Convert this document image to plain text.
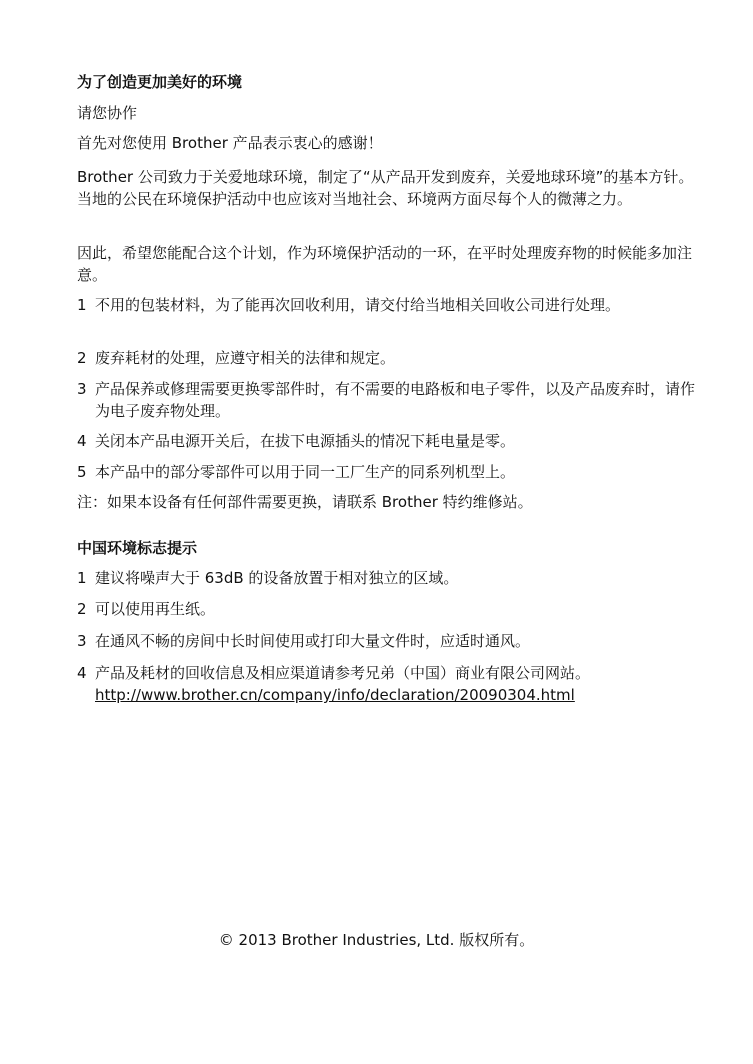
为了创造更加美好的环境
请您协作
首先对您使用 Brother 产品表示衷心的感谢！
Brother 公司致力于关爱地球环境，制定了“从产品开发到废弃，关爱地球环境”的基本方针。当地的公民在环境保护活动中也应该对当地社会、环境两方面尽每个人的微薄之力。
因此，希望您能配合这个计划，作为环境保护活动的一环，在平时处理废弃物的时候能多加注意。
1 不用的包装材料，为了能再次回收利用，请交付给当地相关回收公司进行处理。
2 废弃耗材的处理，应遵守相关的法律和规定。
3 产品保养或修理需要更换零部件时，有不需要的电路板和电子零件，以及产品废弃时，请作为电子废弃物处理。
4 关闭本产品电源开关后，在拔下电源插头的情况下耗电量是零。
5 本产品中的部分零部件可以用于同一工厂生产的同系列机型上。
注：如果本设备有任何部件需要更换，请联系 Brother 特约维修站。
中国环境标志提示
1 建议将噪声大于 63dB 的设备放置于相对独立的区域。
2 可以使用再生纸。
3 在通风不畅的房间中长时间使用或打印大量文件时，应适时通风。
4 产品及耗材的回收信息及相应渠道请参考兄弟（中国）商业有限公司网站。
http://www.brother.cn/company/info/declaration/20090304.html
© 2013 Brother Industries, Ltd. 版权所有。
